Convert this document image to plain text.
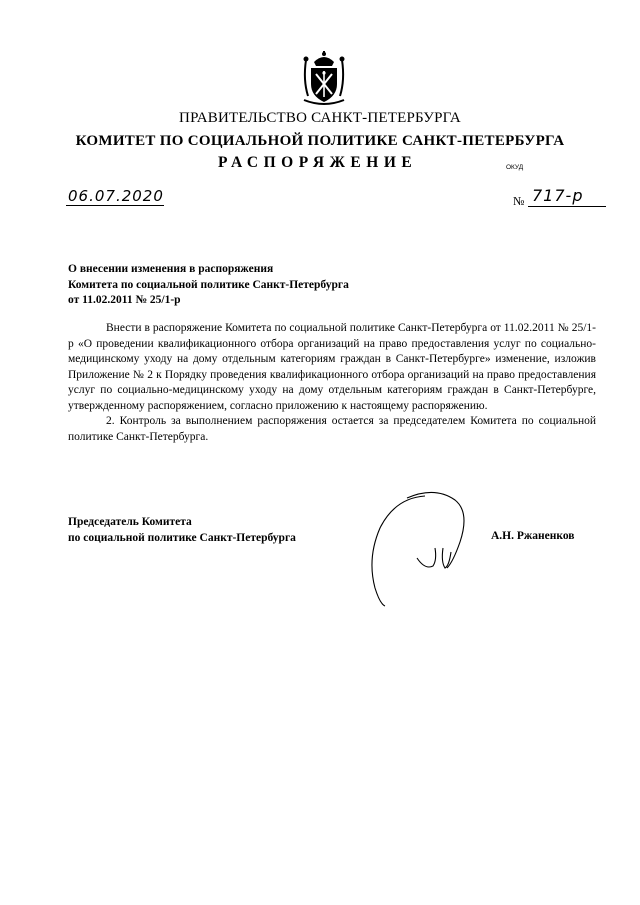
ПРАВИТЕЛЬСТВО САНКТ-ПЕТЕРБУРГА
КОМИТЕТ ПО СОЦИАЛЬНОЙ ПОЛИТИКЕ САНКТ-ПЕТЕРБУРГА
РАСПОРЯЖЕНИЕ	ОКУД
06.07.2020	№ 717-р
О внесении изменения в распоряжения
Комитета по социальной политике Санкт-Петербурга
от 11.02.2011 № 25/1-р

Внести в распоряжение Комитета по социальной политике Санкт-Петербурга от 11.02.2011 № 25/1-р «О проведении квалификационного отбора организаций на право предоставления услуг по социально-медицинскому уходу на дому отдельным категориям граждан в Санкт-Петербурге» изменение, изложив Приложение № 2 к Порядку проведения квалификационного отбора организаций на право предоставления услуг по социально-медицинскому уходу на дому отдельным категориям граждан в Санкт-Петербурге, утвержденному распоряжением, согласно приложению к настоящему распоряжению.

2. Контроль за выполнением распоряжения остается за председателем Комитета по социальной политике Санкт-Петербурга.

Председатель Комитета
по социальной политике Санкт-Петербурга	А.Н. Ржаненков
